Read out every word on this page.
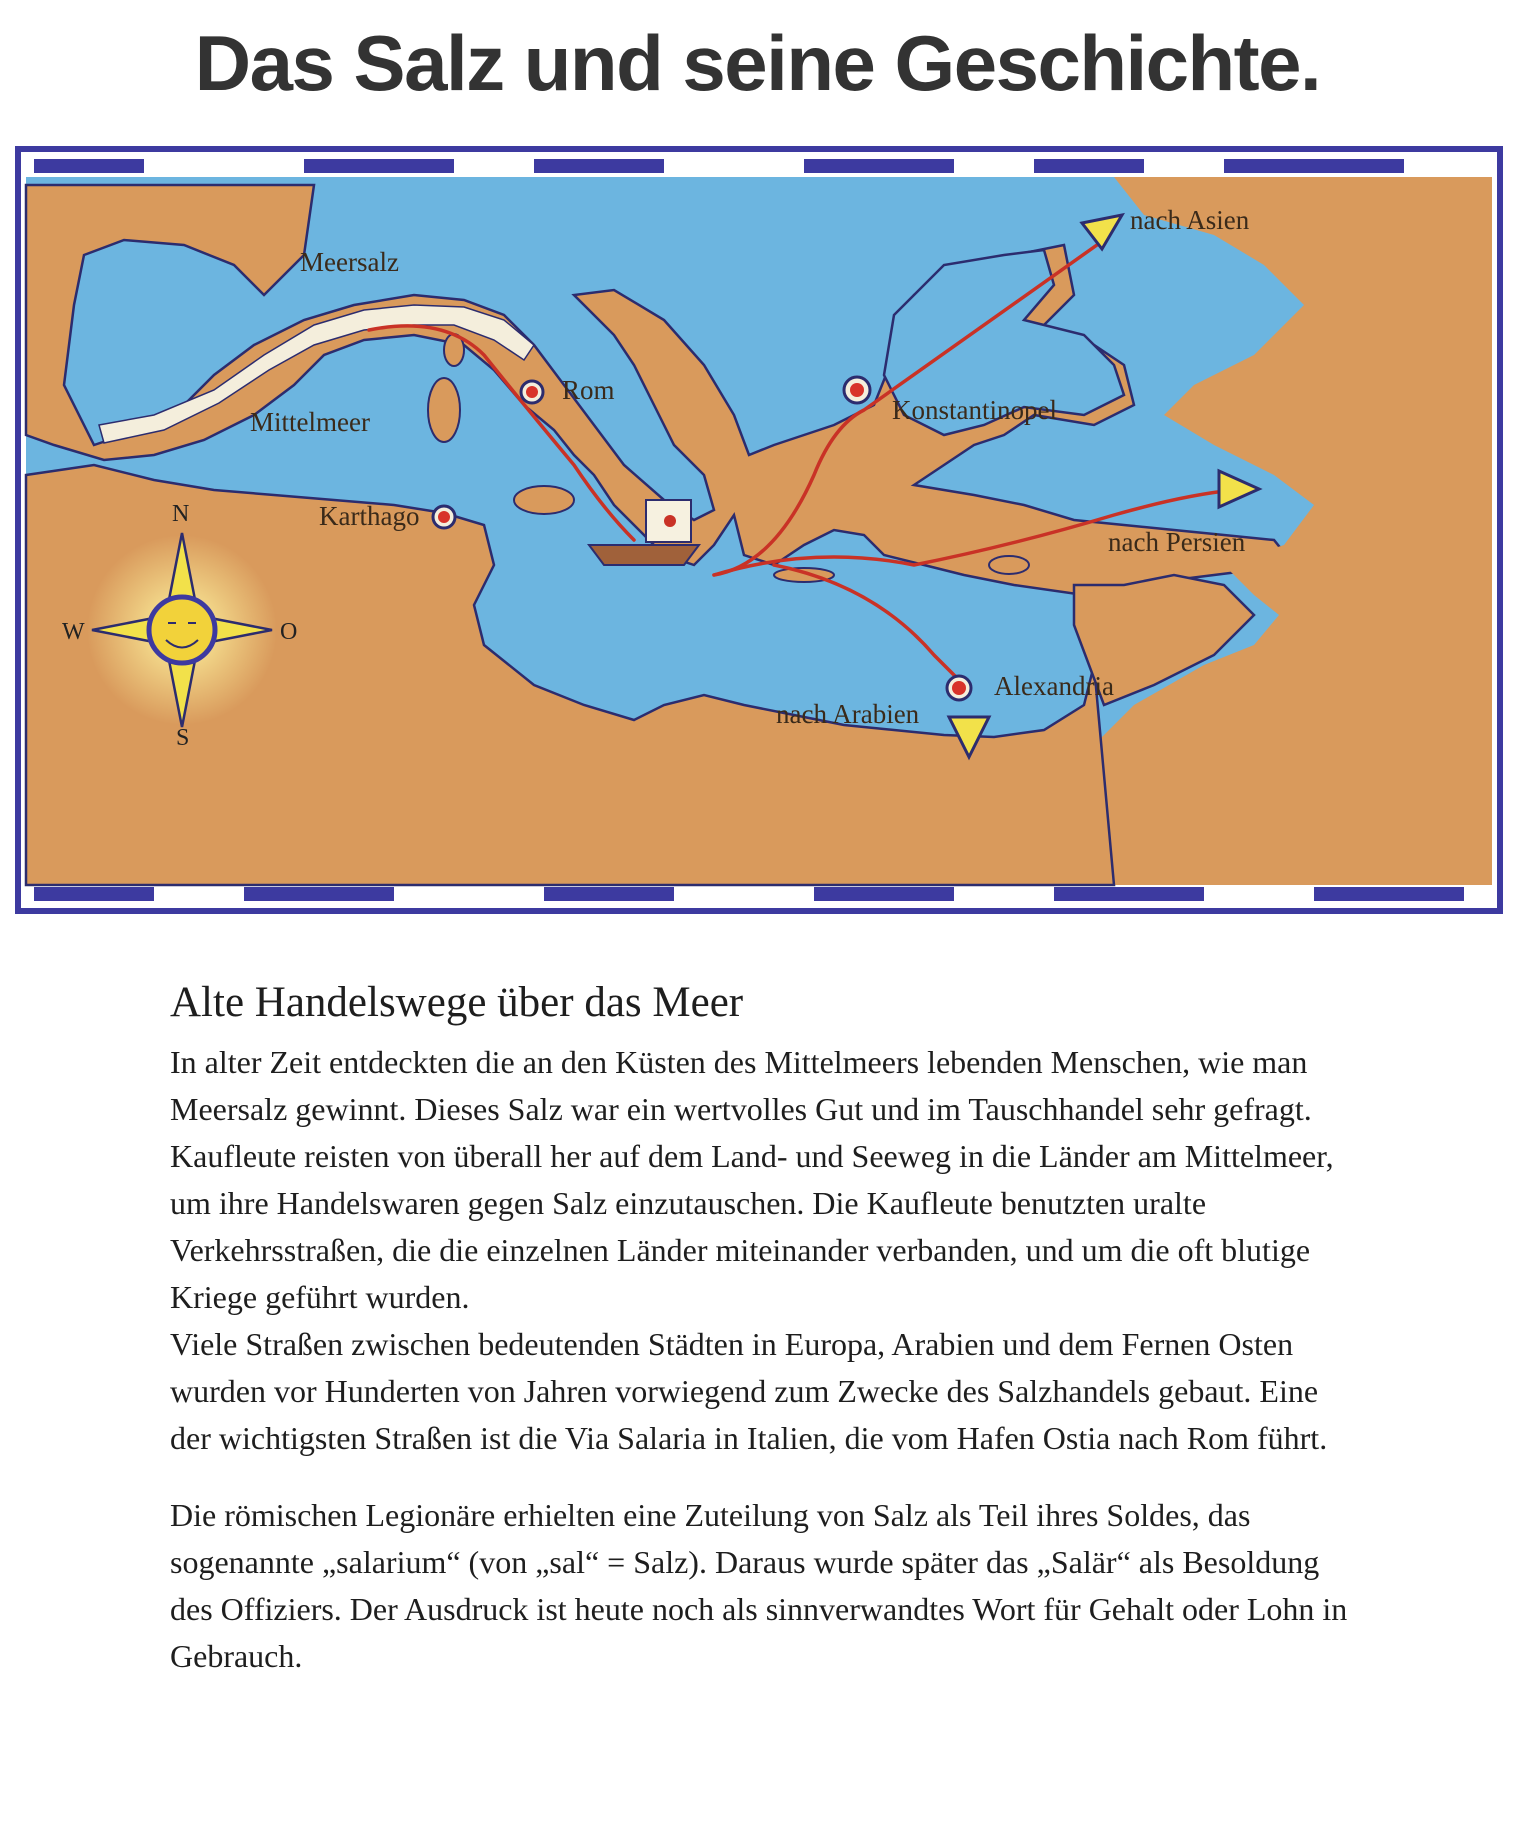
Das Salz und seine Geschichte.
Meersalz
Mittelmeer
Rom
Karthago
Konstantinopel
Alexandria
nach Asien
nach Persien
nach Arabien
N
S
W	O
Alte Handelswege über das Meer

In alter Zeit entdeckten die an den Küsten des Mittelmeers lebenden Menschen, wie man Meersalz gewinnt. Dieses Salz war ein wertvolles Gut und im Tauschhandel sehr gefragt. Kaufleute reisten von überall her auf dem Land- und Seeweg in die Länder am Mittelmeer, um ihre Handelswaren gegen Salz einzutauschen. Die Kaufleute benutzten uralte Verkehrsstraßen, die die einzelnen Länder miteinander verbanden, und um die oft blutige Kriege geführt wurden.

Viele Straßen zwischen bedeutenden Städten in Europa, Arabien und dem Fernen Osten wurden vor Hunderten von Jahren vorwiegend zum Zwecke des Salzhandels gebaut. Eine der wichtigsten Straßen ist die Via Salaria in Italien, die vom Hafen Ostia nach Rom führt.

Die römischen Legionäre erhielten eine Zuteilung von Salz als Teil ihres Soldes, das sogenannte „salarium“ (von „sal“ = Salz). Daraus wurde später das „Salär“ als Besoldung des Offiziers. Der Ausdruck ist heute noch als sinnverwandtes Wort für Gehalt oder Lohn in Gebrauch.
